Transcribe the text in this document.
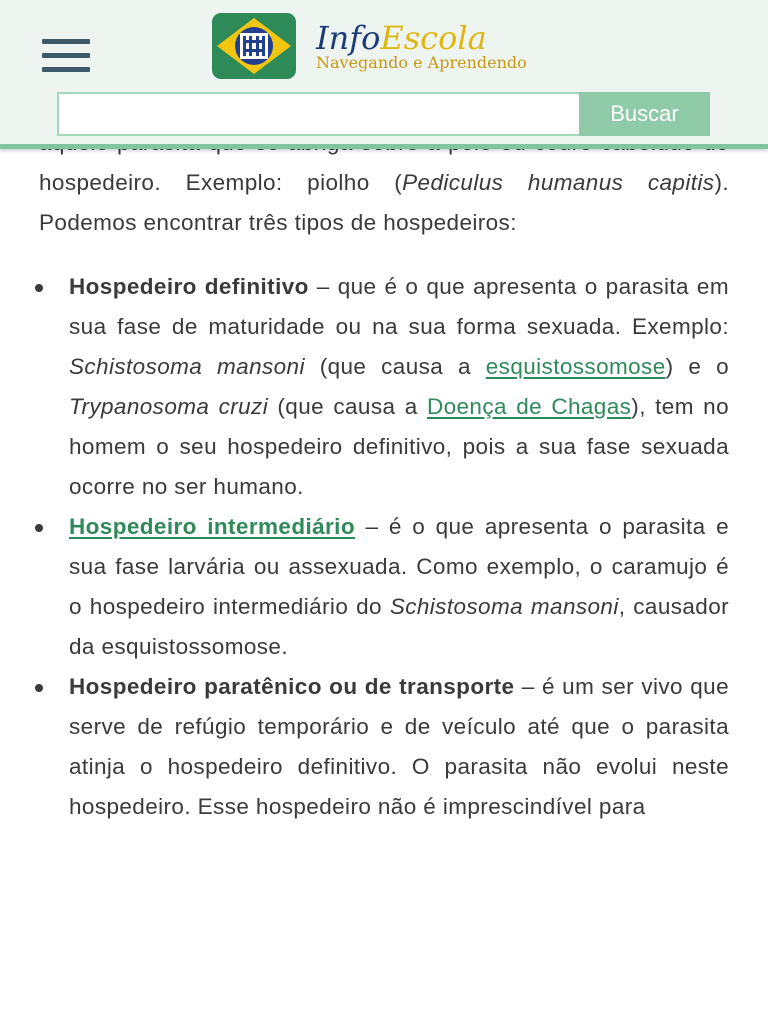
InfoEscola
Navegando e Aprendendo
Buscar

hospedeiro. Exemplo: piolho (Pediculus humanus capitis). Podemos encontrar três tipos de hospedeiros:

Hospedeiro definitivo – que é o que apresenta o parasita em sua fase de maturidade ou na sua forma sexuada. Exemplo: Schistosoma mansoni (que causa a esquistossomose) e o Trypanosoma cruzi (que causa a Doença de Chagas), tem no homem o seu hospedeiro definitivo, pois a sua fase sexuada ocorre no ser humano.
Hospedeiro intermediário – é o que apresenta o parasita e sua fase larvária ou assexuada. Como exemplo, o caramujo é o hospedeiro intermediário do Schistosoma mansoni, causador da esquistossomose.
Hospedeiro paratênico ou de transporte – é um ser vivo que serve de refúgio temporário e de veículo até que o parasita atinja o hospedeiro definitivo. O parasita não evolui neste hospedeiro. Esse hospedeiro não é imprescindível para
